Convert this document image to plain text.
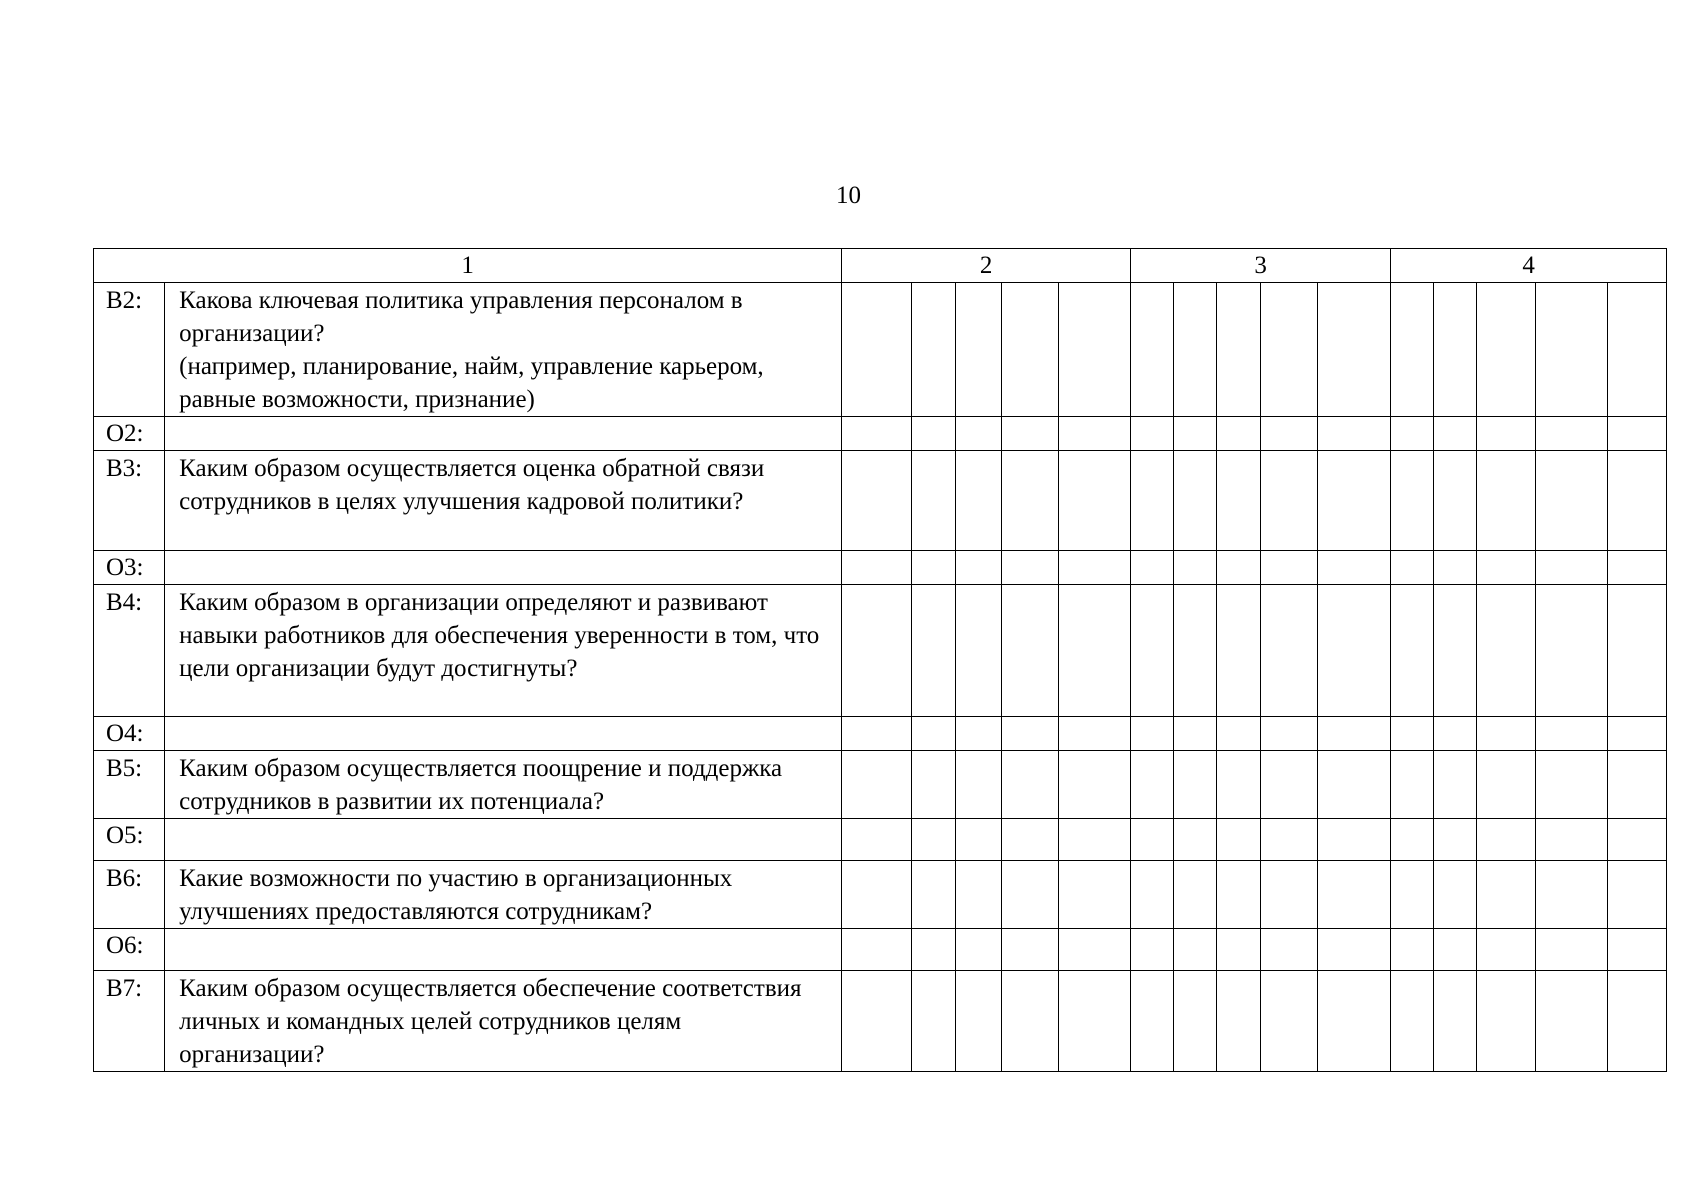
10
1		2					3					4				
В2:	Какова ключевая политика управления персоналом в организации?
(например, планирование, найм, управление карьером, равные возможности, признание)															

О2:																
В3:	Каким образом осуществляется оценка обратной связи сотрудников в целях улучшения кадровой политики?															
О3:																
В4:	Каким образом в организации определяют и развивают навыки работников для обеспечения уверенности в том, что цели организации будут достигнуты?															
О4:																
В5:	Каким образом осуществляется поощрение и поддержка сотрудников в развитии их потенциала?															
О5:																
В6:	Какие возможности по участию в организационных улучшениях предоставляются сотрудникам?															
О6:																
В7:	Каким образом осуществляется обеспечение соответствия личных и командных целей сотрудников целям организации?															
